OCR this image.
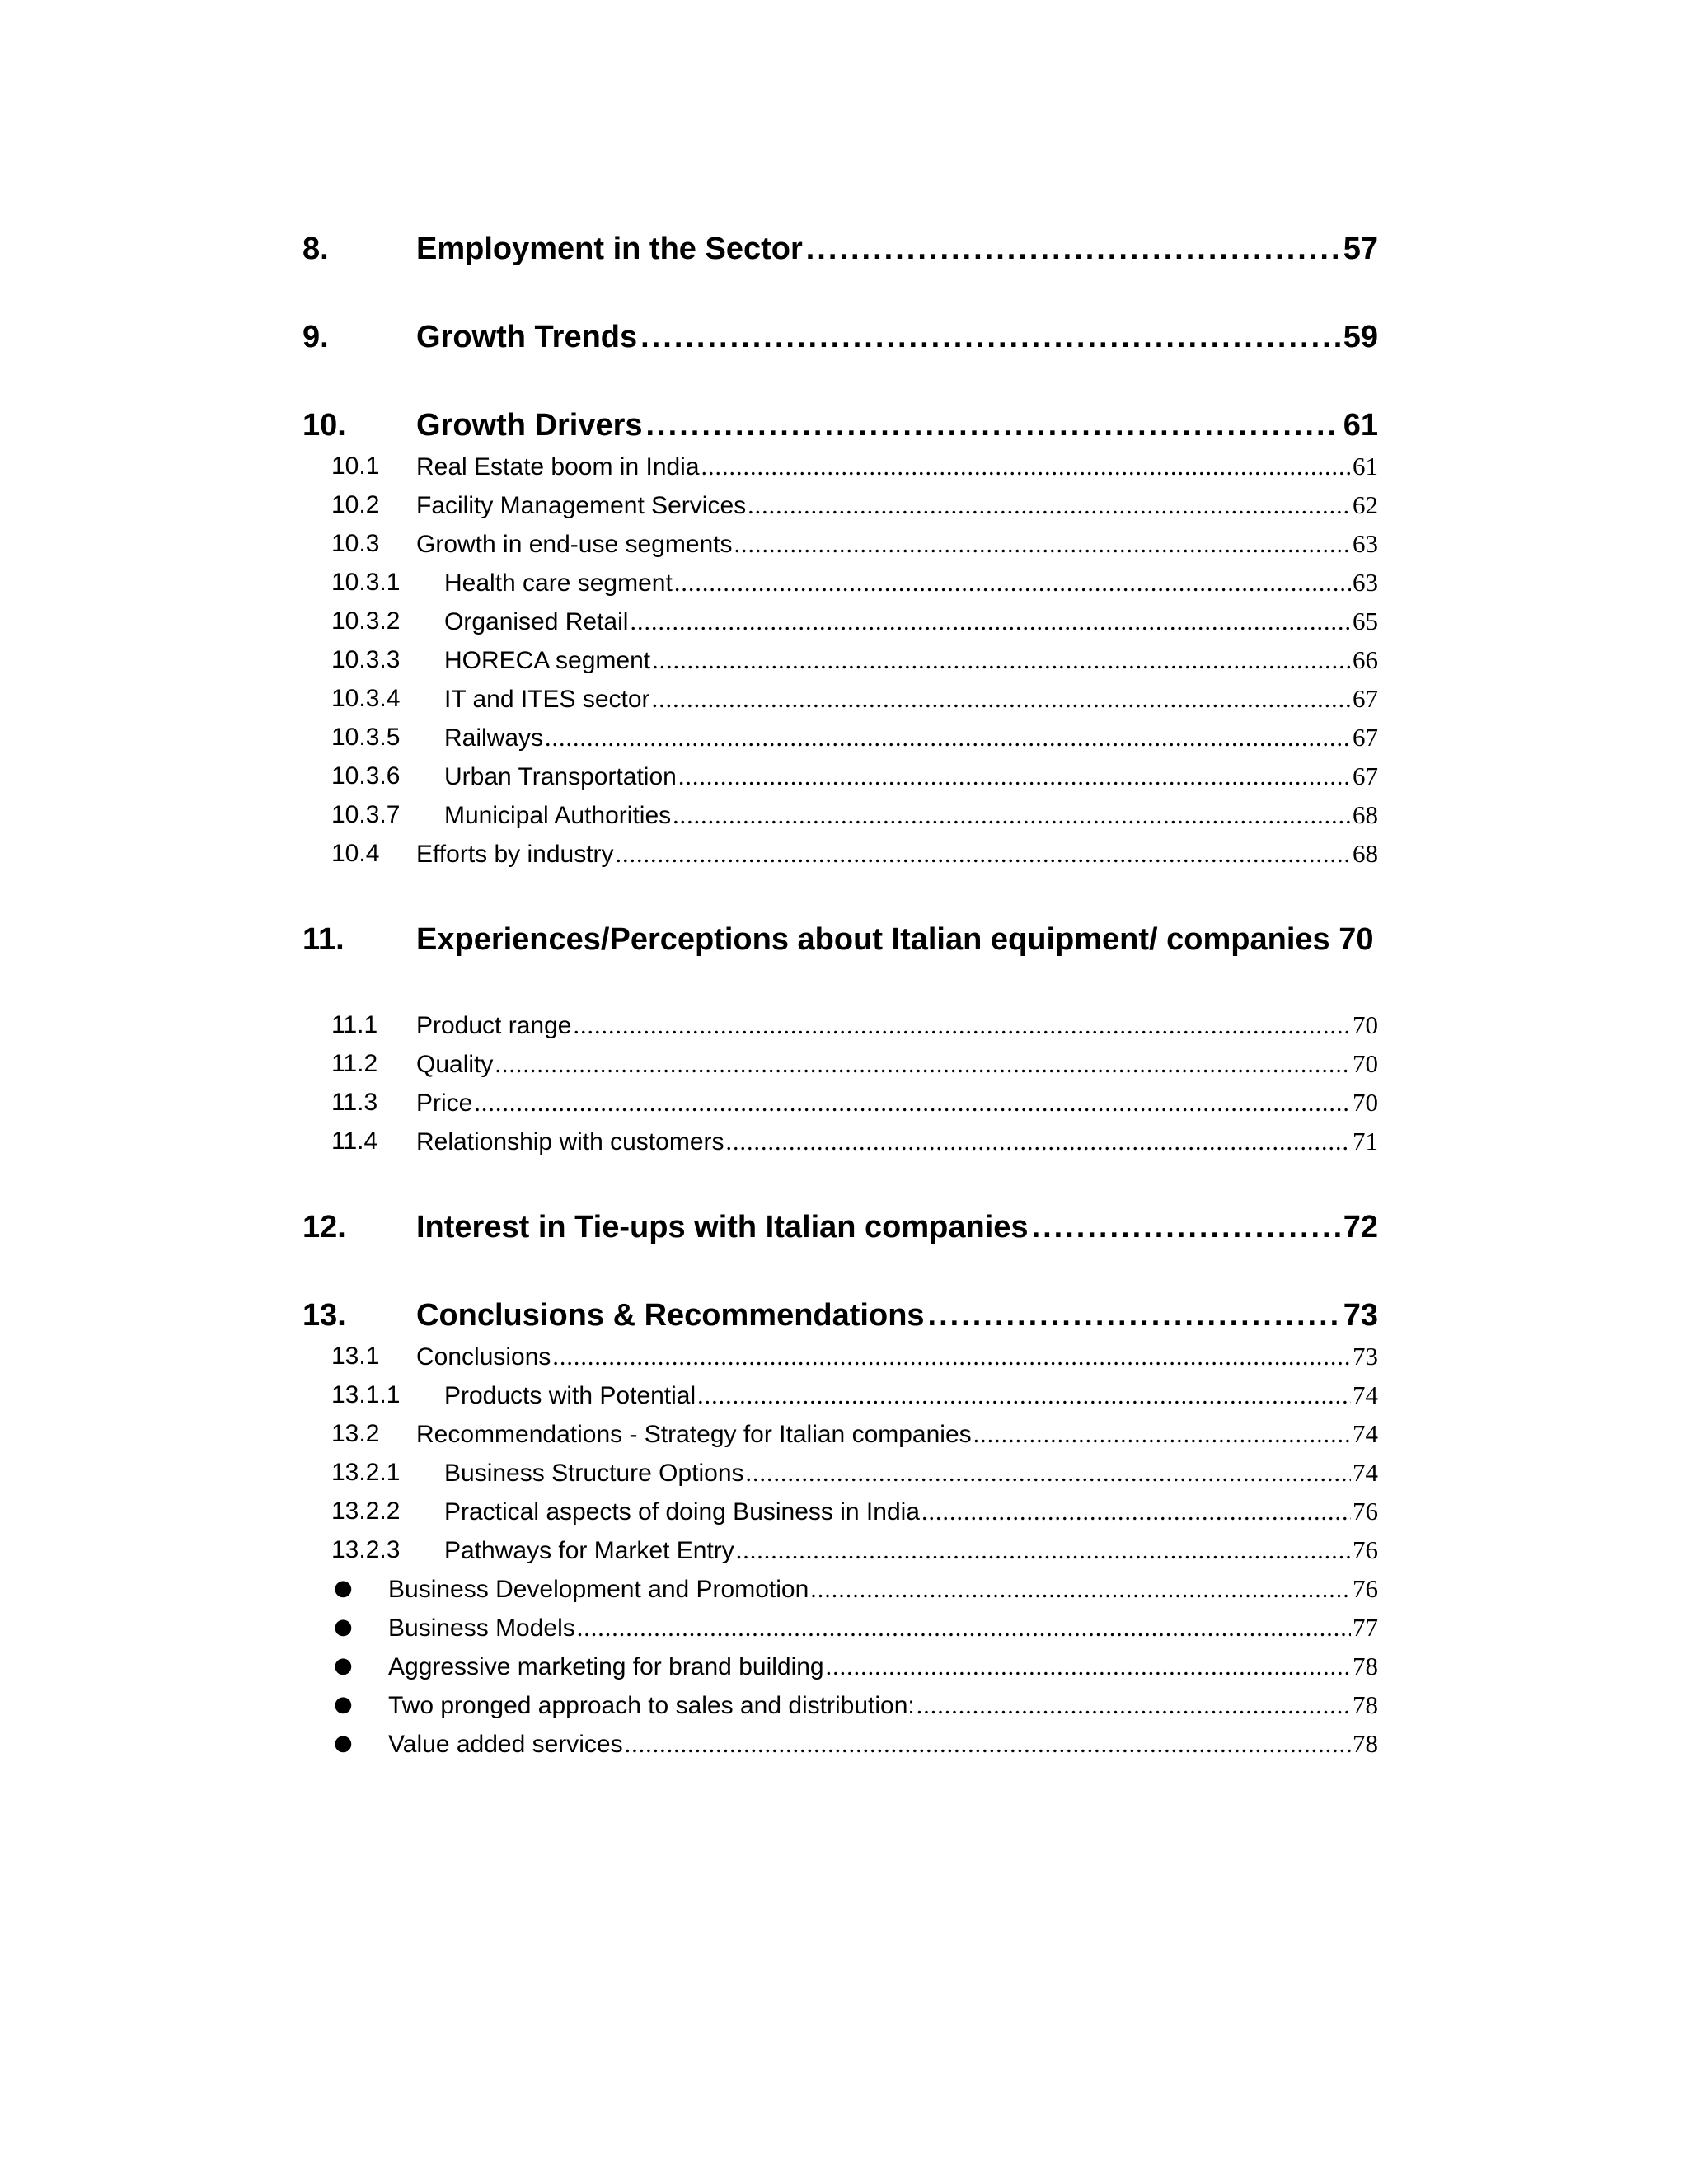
8.	Employment in the Sector .....	57
9.	Growth Trends .....	59
10. Growth Drivers .....	61
10.1 Real Estate boom in India .....	61
10.2 Facility Management Services .....	62
10.3 Growth in end-use segments .....	63
10.3.1 Health care segment .....	63
10.3.2 Organised Retail .....	65
10.3.3 HORECA segment .....	66
10.3.4 IT and ITES sector .....	67
10.3.5 Railways .....	67
10.3.6 Urban Transportation .....	67
10.3.7 Municipal Authorities .....	68
10.4 Efforts by industry .....	68
11. Experiences/Perceptions about Italian equipment/ companies 70
11.1 Product range .....	70
11.2 Quality .....	70
11.3 Price .....	70
11.4 Relationship with customers .....	71
12. Interest in Tie-ups with Italian companies .....	72
13. Conclusions & Recommendations .....	73
13.1 Conclusions .....	73
13.1.1 Products with Potential .....	74
13.2 Recommendations - Strategy for Italian companies .....	74
13.2.1 Business Structure Options .....	74
13.2.2 Practical aspects of doing Business in India .....	76
13.2.3 Pathways for Market Entry .....	76
● Business Development and Promotion .....	76
● Business Models .....	77
● Aggressive marketing for brand building .....	78
● Two pronged approach to sales and distribution: .....	78
● Value added services .....	78
